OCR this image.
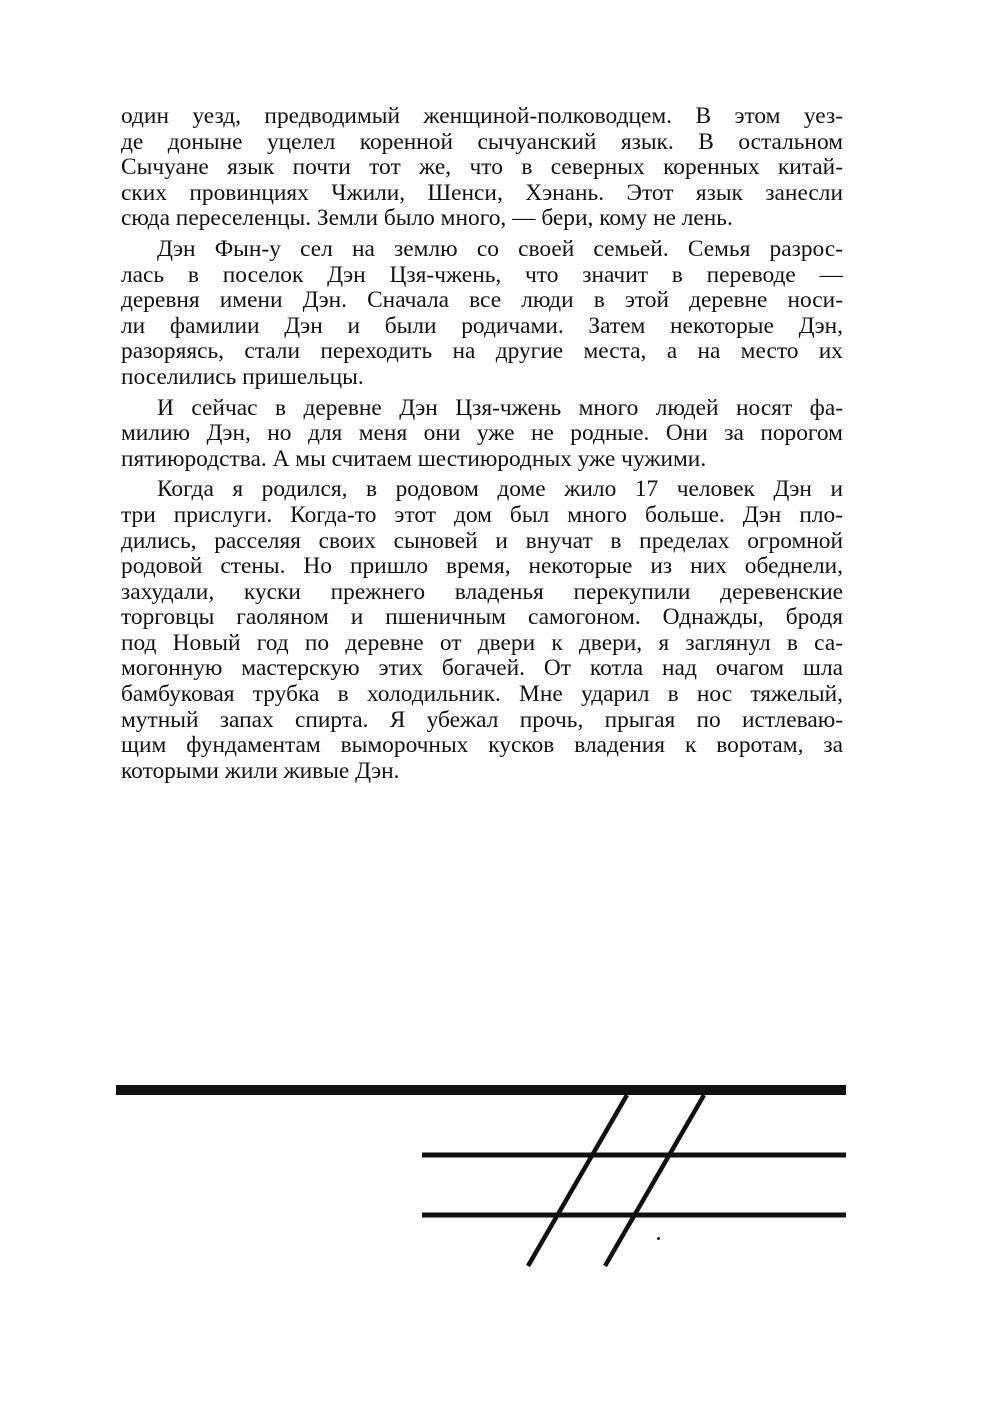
один уезд, предводимый женщиной-полководцем. В этом уез-
де доныне уцелел коренной сычуанский язык. В остальном
Сычуане язык почти тот же, что в северных коренных китай-
ских провинциях Чжили, Шенси, Хэнань. Этот язык занесли
сюда переселенцы. Земли было много, — бери, кому не лень.

Дэн Фын-у сел на землю со своей семьей. Семья разрос-
лась в поселок Дэн Цзя-чжень, что значит в переводе —
деревня имени Дэн. Сначала все люди в этой деревне носи-
ли фамилии Дэн и были родичами. Затем некоторые Дэн,
разоряясь, стали переходить на другие места, а на место их
поселились пришельцы.

И сейчас в деревне Дэн Цзя-чжень много людей носят фа-
милию Дэн, но для меня они уже не родные. Они за порогом
пятиюродства. А мы считаем шестиюродных уже чужими.

Когда я родился, в родовом доме жило 17 человек Дэн и
три прислуги. Когда-то этот дом был много больше. Дэн пло-
дились, расселяя своих сыновей и внучат в пределах огромной
родовой стены. Но пришло время, некоторые из них обеднели,
захудали, куски прежнего владенья перекупили деревенские
торговцы гаоляном и пшеничным самогоном. Однажды, бродя
под Новый год по деревне от двери к двери, я заглянул в са-
могонную мастерскую этих богачей. От котла над очагом шла
бамбуковая трубка в холодильник. Мне ударил в нос тяжелый,
мутный запах спирта. Я убежал прочь, прыгая по истлеваю-
щим фундаментам выморочных кусков владения к воротам, за
которыми жили живые Дэн.
